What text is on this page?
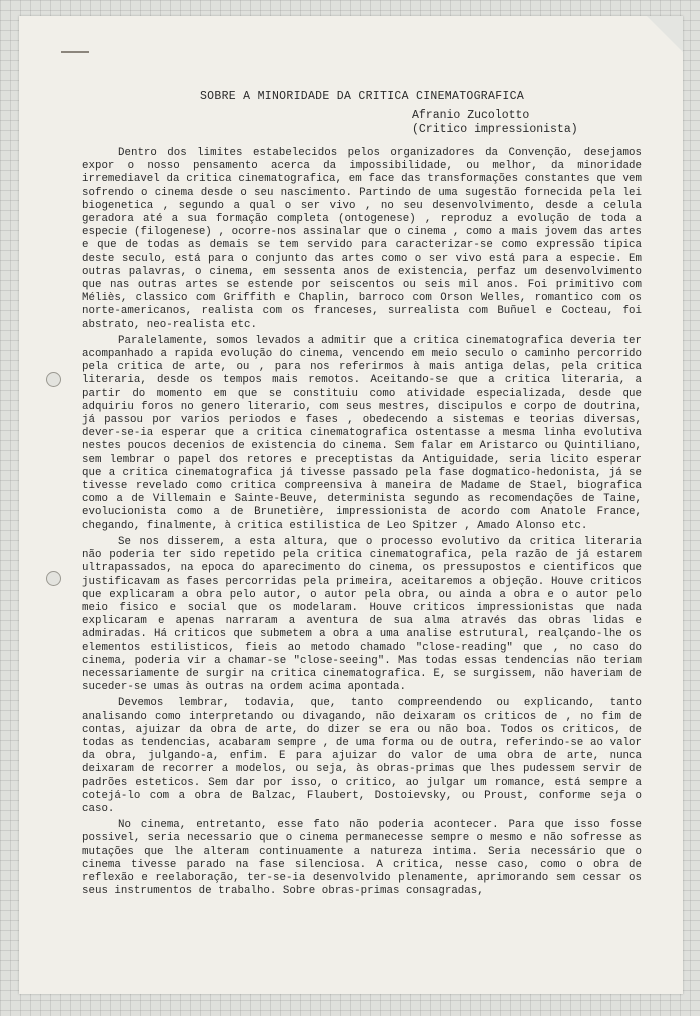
SOBRE A MINORIDADE DA CRITICA CINEMATOGRAFICA
Afranio Zucolotto
(Critico impressionista)

Dentro dos limites estabelecidos pelos organizadores da Convenção, desejamos expor o nosso pensamento acerca da impossibilidade, ou melhor, da minoridade irremediavel da critica cinematografica, em face das transformações constantes que vem sofrendo o cinema desde o seu nascimento. Partindo de uma sugestão fornecida pela lei biogenetica , segundo a qual o ser vivo , no seu desenvolvimento, desde a celula geradora até a sua formação completa (ontogenese) , reproduz a evolução de toda a especie (filogenese) , ocorre-nos assinalar que o cinema , como a mais jovem das artes e que de todas as demais se tem servido para caracterizar-se como expressão tipica deste seculo, está para o conjunto das artes como o ser vivo está para a especie. Em outras palavras, o cinema, em sessenta anos de existencia, perfaz um desenvolvimento que nas outras artes se estende por seiscentos ou seis mil anos. Foi primitivo com Méliès, classico com Griffith e Chaplin, barroco com Orson Welles, romantico com os norte-americanos, realista com os franceses, surrealista com Buñuel e Cocteau, foi abstrato, neo-realista etc.

Paralelamente, somos levados a admitir que a critica cinematografica deveria ter acompanhado a rapida evolução do cinema, vencendo em meio seculo o caminho percorrido pela critica de arte, ou , para nos referirmos à mais antiga delas, pela critica literaria, desde os tempos mais remotos. Aceitando-se que a critica literaria, a partir do momento em que se constituiu como atividade especializada, desde que adquiriu foros no genero literario, com seus mestres, discipulos e corpo de doutrina, já passou por varios periodos e fases , obedecendo a sistemas e teorias diversas, dever-se-ia esperar que a critica cinematografica ostentasse a mesma linha evolutiva nestes poucos decenios de existencia do cinema. Sem falar em Aristarco ou Quintiliano, sem lembrar o papel dos retores e preceptistas da Antiguidade, seria licito esperar que a critica cinematografica já tivesse passado pela fase dogmatico-hedonista, já se tivesse revelado como critica compreensiva à maneira de Madame de Stael, biografica como a de Villemain e Sainte-Beuve, determinista segundo as recomendações de Taine, evolucionista como a de Brunetière, impressionista de acordo com Anatole France, chegando, finalmente, à critica estilistica de Leo Spitzer , Amado Alonso etc.

Se nos disserem, a esta altura, que o processo evolutivo da critica literaria não poderia ter sido repetido pela critica cinematografica, pela razão de já estarem ultrapassados, na epoca do aparecimento do cinema, os pressupostos e cientificos que justificavam as fases percorridas pela primeira, aceitaremos a objeção. Houve criticos que explicaram a obra pelo autor, o autor pela obra, ou ainda a obra e o autor pelo meio fisico e social que os modelaram. Houve criticos impressionistas que nada explicaram e apenas narraram a aventura de sua alma através das obras lidas e admiradas. Há criticos que submetem a obra a uma analise estrutural, realçando-lhe os elementos estilisticos, fieis ao metodo chamado "close-reading" que , no caso do cinema, poderia vir a chamar-se "close-seeing". Mas todas essas tendencias não teriam necessariamente de surgir na critica cinematografica. E, se surgissem, não haveriam de suceder-se umas às outras na ordem acima apontada.

Devemos lembrar, todavia, que, tanto compreendendo ou explicando, tanto analisando como interpretando ou divagando, não deixaram os criticos de , no fim de contas, ajuizar da obra de arte, do dizer se era ou não boa. Todos os criticos, de todas as tendencias, acabaram sempre , de uma forma ou de outra, referindo-se ao valor da obra, julgando-a, enfim. E para ajuizar do valor de uma obra de arte, nunca deixaram de recorrer a modelos, ou seja, às obras-primas que lhes pudessem servir de padrões esteticos. Sem dar por isso, o critico, ao julgar um romance, está sempre a cotejá-lo com a obra de Balzac, Flaubert, Dostoievsky, ou Proust, conforme seja o caso.

No cinema, entretanto, esse fato não poderia acontecer. Para que isso fosse possivel, seria necessario que o cinema permanecesse sempre o mesmo e não sofresse as mutações que lhe alteram continuamente a natureza intima. Seria necessário que o cinema tivesse parado na fase silenciosa. A critica, nesse caso, como o obra de reflexão e reelaboração, ter-se-ia desenvolvido plenamente, aprimorando sem cessar os seus instrumentos de trabalho. Sobre obras-primas consagradas,
